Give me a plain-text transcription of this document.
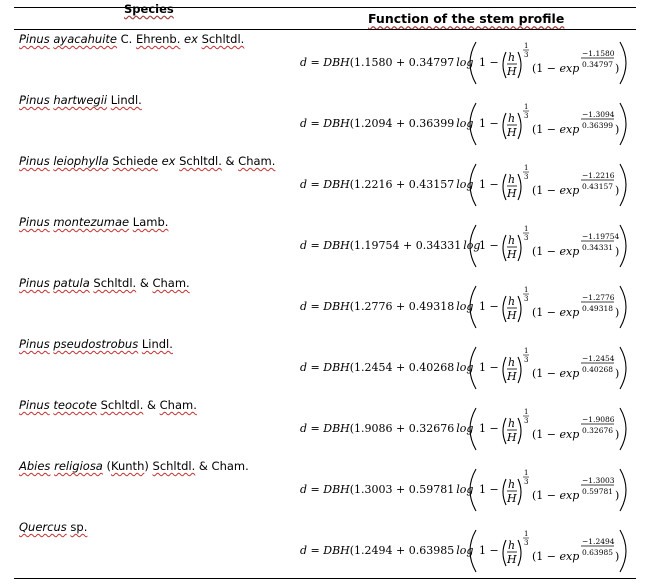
Species
Function of the stem profile
Pinus ayacahuite C. Ehrenb. ex Schltdl.
d = DBH(1.1580 + 0.34797 log 1 − h
H
1
3
(1 − exp
−1.1580
0.34797 )
Pinus hartwegii Lindl.
d = DBH(1.2094 + 0.36399 log 1 − h
H
1
3
(1 − exp
−1.3094
0.36399 )
Pinus leiophylla Schiede ex Schltdl. & Cham.
d = DBH(1.2216 + 0.43157 log 1 − h
H
1
3
(1 − exp
−1.2216
0.43157 )
Pinus montezumae Lamb.
d = DBH(1.19754 + 0.34331 log
1 − h
H
1
3
(1 − exp
−1.19754
0.34331 )
Pinus patula Schltdl. & Cham.
d = DBH(1.2776 + 0.49318 log 1 − h
H
1
3
(1 − exp
−1.2776
0.49318 )
Pinus pseudostrobus Lindl.
d = DBH(1.2454 + 0.40268 log 1 − h
H
1
3
(1 − exp
−1.2454
0.40268 )
Pinus teocote Schltdl. & Cham.
d = DBH(1.9086 + 0.32676 log 1 − h
H
1
3
(1 − exp
−1.9086
0.32676 )
Abies religiosa (Kunth) Schltdl. & Cham.
d = DBH(1.3003 + 0.59781 log 1 − h
H
1
3
(1 − exp
−1.3003
0.59781 )
Quercus sp.
d = DBH(1.2494 + 0.63985 log 1 − h
H
1
3
(1 − exp
−1.2494
0.63985 )
